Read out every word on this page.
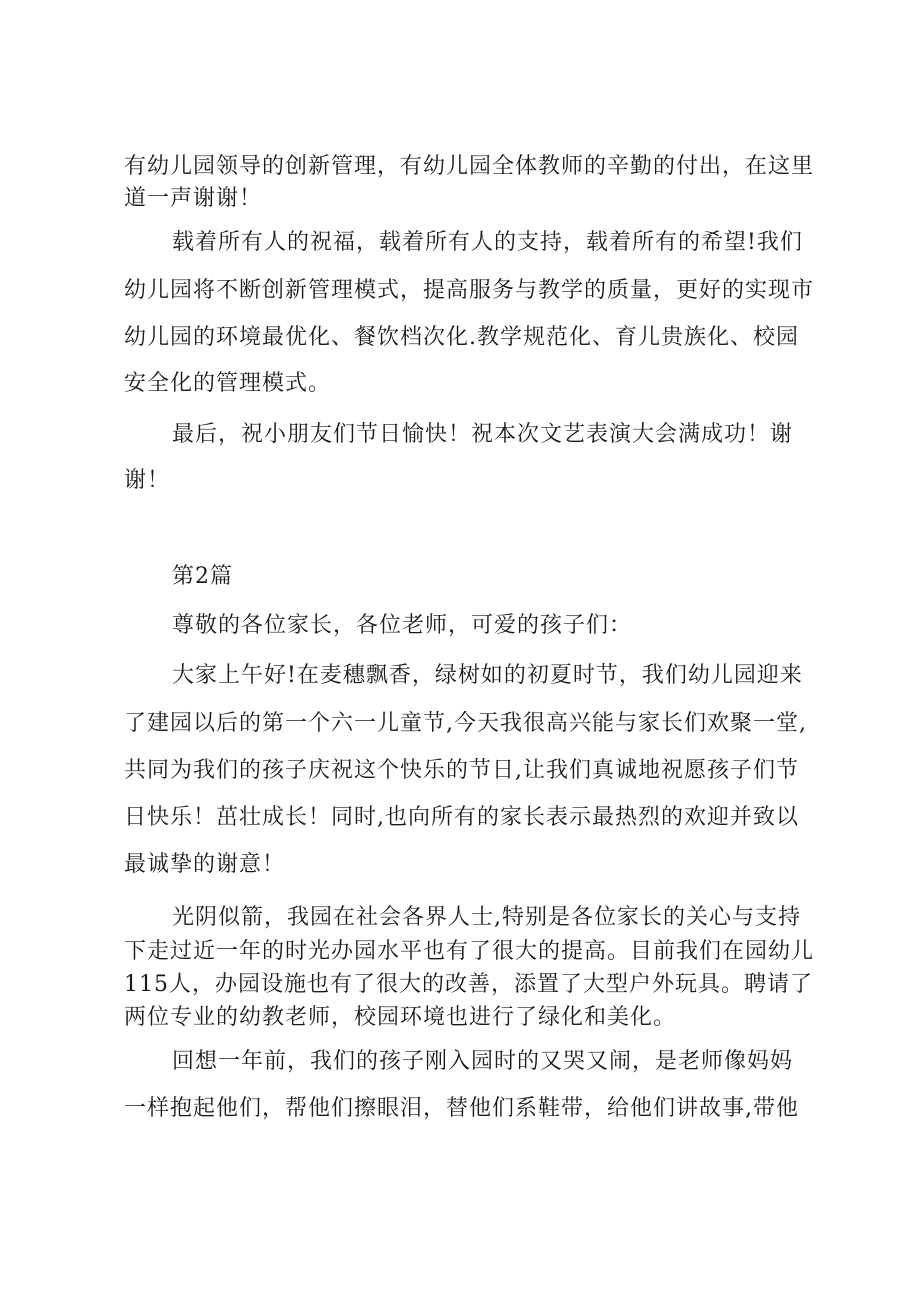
有幼儿园领导的创新管理，有幼儿园全体教师的辛勤的付出，在这里
道一声谢谢！
载着所有人的祝福，载着所有人的支持，载着所有的希望!我们
幼儿园将不断创新管理模式，提高服务与教学的质量，更好的实现市
幼儿园的环境最优化、餐饮档次化.教学规范化、育儿贵族化、校园
安全化的管理模式。
最后，祝小朋友们节日愉快！祝本次文艺表演大会满成功！谢
谢！
第2篇
尊敬的各位家长，各位老师，可爱的孩子们：
大家上午好!在麦穗飘香，绿树如的初夏时节，我们幼儿园迎来
了建园以后的第一个六一儿童节,今天我很高兴能与家长们欢聚一堂,
共同为我们的孩子庆祝这个快乐的节日,让我们真诚地祝愿孩子们节
日快乐！茁壮成长！同时,也向所有的家长表示最热烈的欢迎并致以
最诚挚的谢意！
光阴似箭，我园在社会各界人士,特别是各位家长的关心与支持
下走过近一年的时光办园水平也有了很大的提高。目前我们在园幼儿
115人，办园设施也有了很大的改善，添置了大型户外玩具。聘请了
两位专业的幼教老师，校园环境也进行了绿化和美化。
回想一年前，我们的孩子刚入园时的又哭又闹，是老师像妈妈
一样抱起他们，帮他们擦眼泪，替他们系鞋带，给他们讲故事,带他
